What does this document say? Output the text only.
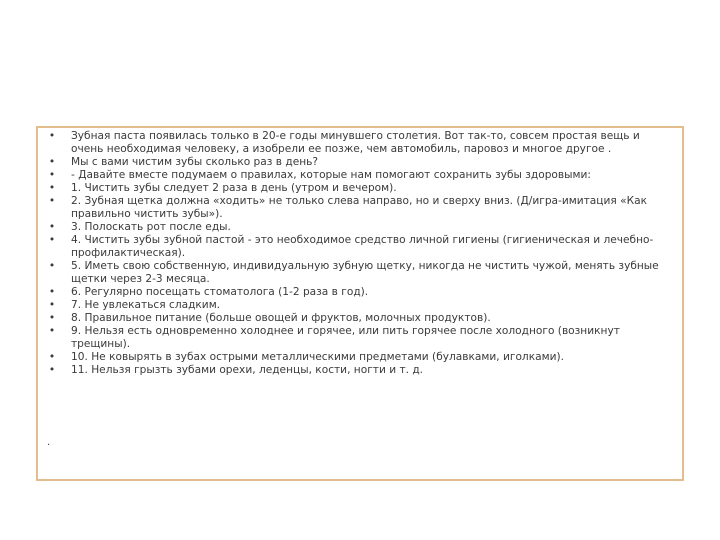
• Зубная паста появилась только в 20-е годы минувшего столетия. Вот так-то, совсем простая вещь и очень необходимая человеку, а изобрели ее позже, чем автомобиль, паровоз и многое другое .
• Мы с вами чистим зубы сколько раз в день?
• - Давайте вместе подумаем о правилах, которые нам помогают сохранить зубы здоровыми:
• 1. Чистить зубы следует 2 раза в день (утром и вечером).
• 2. Зубная щетка должна «ходить» не только слева направо, но и сверху вниз. (Д/игра-имитация «Как правильно чистить зубы»).
• 3. Полоскать рот после еды.
• 4. Чистить зубы зубной пастой - это необходимое средство личной гигиены (гигиеническая и лечебно-профилактическая).
• 5. Иметь свою собственную, индивидуальную зубную щетку, никогда не чистить чужой, менять зубные щетки через 2-3 месяца.
• 6. Регулярно посещать стоматолога (1-2 раза в год).
• 7. Не увлекаться сладким.
• 8. Правильное питание (больше овощей и фруктов, молочных продуктов).
• 9. Нельзя есть одновременно холоднее и горячее, или пить горячее после холодного (возникнут трещины).
• 10. Не ковырять в зубах острыми металлическими предметами (булавками, иголками).
• 11. Нельзя грызть зубами орехи, леденцы, кости, ногти и т. д.
.
